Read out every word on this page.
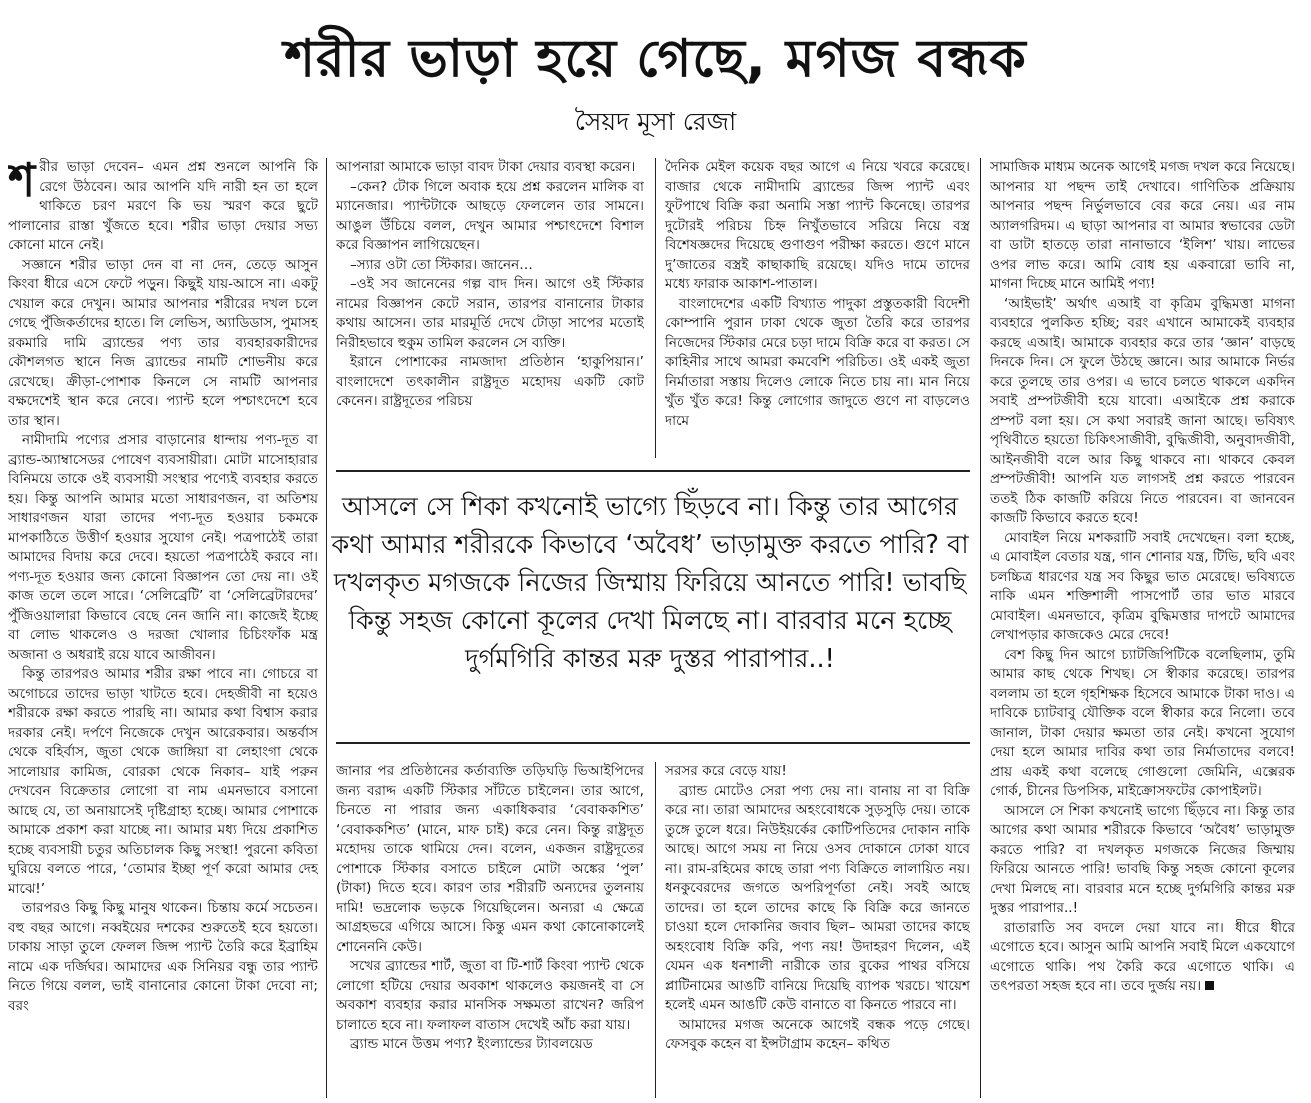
শরীর ভাড়া হয়ে গেছে, মগজ বন্ধক
সৈয়দ মূসা রেজা

শরীর ভাড়া দেবেন– এমন প্রশ্ন শুনলে আপনি কি রেগে উঠবেন। আর আপনি যদি নারী হন তা হলে থাকিতে চরণ মরণে কি ভয় স্মরণ করে ছুটে পালানোর রাস্তা খুঁজতে হবে। শরীর ভাড়া দেয়ার সভ্য কোনো মানে নেই।

সজ্ঞানে শরীর ভাড়া দেন বা না দেন, তেড়ে আসুন কিংবা ধীরে এসে ফেটে পড়ুন। কিছুই যায়-আসে না। একটু খেয়াল করে দেখুন। আমার আপনার শরীরের দখল চলে গেছে পুঁজিকর্তাদের হাতে। লি লেভিস, অ্যাডিডাস, পুমাসহ রকমারি দামি ব্র্যান্ডের পণ্য তার ব্যবহারকারীদের কৌশলগত স্থানে নিজ ব্র্যান্ডের নামটি শোভনীয় করে রেখেছে। ক্রীড়া-পোশাক কিনলে সে নামটি আপনার বক্ষদেশেই স্থান করে নেবে। প্যান্ট হলে পশ্চাৎদেশে হবে তার স্থান।

নামীদামি পণ্যের প্রসার বাড়ানোর ধান্দায় পণ্য-দূত বা ব্র্যান্ড-অ্যাম্বাসেডর পোষেণ ব্যবসায়ীরা। মোটা মাসোহারার বিনিময়ে তাকে ওই ব্যবসায়ী সংস্থার পণ্যেই ব্যবহার করতে হয়। কিন্তু আপনি আমার মতো সাধারণজন, বা অতিশয় সাধারণজন যারা তাদের পণ্য-দূত হওয়ার চকমকে মাপকাঠিতে উত্তীর্ণ হওয়ার সুযোগ নেই। পত্রপাঠেই তারা আমাদের বিদায় করে দেবে। হয়তো পত্রপাঠেই করবে না। পণ্য-দূত হওয়ার জন্য কোনো বিজ্ঞাপন তো দেয় না। ওই কাজ তলে তলে সারে। ‘সেলিব্রেটি’ বা ‘সেলিব্রেটারদের’ পুঁজিওয়ালারা কিভাবে বেছে নেন জানি না। কাজেই ইচ্ছে বা লোভ থাকলেও ও দরজা খোলার চিচিংফাঁক মন্ত্র অজানা ও অধরাই রয়ে যাবে আজীবন।

কিন্তু তারপরও আমার শরীর রক্ষা পাবে না। গোচরে বা অগোচরে তাদের ভাড়া খাটতে হবে। দেহজীবী না হয়েও শরীরকে রক্ষা করতে পারছি না। আমার কথা বিশ্বাস করার দরকার নেই। দর্পণে নিজেকে দেখুন আরেকবার। অন্তর্বাস থেকে বহির্বাস, জুতা থেকে জাঙ্গিয়া বা লেহাংগা থেকে সালোয়ার কামিজ, বোরকা থেকে নিকাব– যাই পরুন দেখবেন বিক্রেতার লোগো বা নাম এমনভাবে বসানো আছে যে, তা অনায়াসেই দৃষ্টিগ্রাহ্য হচ্ছে। আমার পোশাকে আমাকে প্রকাশ করা যাচ্ছে না। আমার মধ্য দিয়ে প্রকাশিত হচ্ছে ব্যবসায়ী চতুর অতিচালক কিছু সংস্থা! পুরনো কবিতা ঘুরিয়ে বলতে পারে, ‘তোমার ইচ্ছা পূর্ণ করো আমার দেহ মাঝে!’

তারপরও কিছু কিছু মানুষ থাকেন। চিন্তায় কর্মে সচেতন। বহু বছর আগে। নব্বইয়ের দশকের শুরুতেই হবে হয়তো। ঢাকায় সাড়া তুলে ফেলল জিন্স প্যান্ট তৈরি করে ইব্রাহিম নামে এক দর্জিঘর। আমাদের এক সিনিয়র বন্ধু তার প্যান্ট নিতে গিয়ে বলল, ভাই বানানোর কোনো টাকা দেবো না; বরং

আপনারা আমাকে ভাড়া বাবদ টাকা দেয়ার ব্যবস্থা করেন।

–কেন? টোক গিলে অবাক হয়ে প্রশ্ন করলেন মালিক বা ম্যানেজার। প্যান্টটাকে আছড়ে ফেললেন তার সামনে। আঙুল উঁচিয়ে বলল, দেখুন আমার পশ্চাৎদেশে বিশাল করে বিজ্ঞাপন লাগিয়েছেন।

–স্যার ওটা তো স্টিকার। জানেন…

–ওই সব জানেনের গল্প বাদ দিন। আগে ওই স্টিকার নামের বিজ্ঞাপন কেটে সরান, তারপর বানানোর টাকার কথায় আসেন। তার মারমূর্তি দেখে টোড়া সাপের মতোই নিরীহভাবে হুকুম তামিল করলেন সে ব্যক্তি।

ইরানে পোশাকের নামজাদা প্রতিষ্ঠান ‘হাকুপিয়ান।’ বাংলাদেশে তৎকালীন রাষ্ট্রদূত মহোদয় একটি কোট কেনেন। রাষ্ট্রদূতের পরিচয়

দৈনিক মেইল কয়েক বছর আগে এ নিয়ে খবরে করেছে। বাজার থেকে নামীদামি ব্র্যান্ডের জিন্স প্যান্ট এবং ফুটপাথে বিক্রি করা অনামি সস্তা প্যান্ট কিনেছে। তারপর দুটোরই পরিচয় চিহ্ন নিখুঁতভাবে সরিয়ে নিয়ে বস্ত্র বিশেষজ্ঞদের দিয়েছে গুণাগুণ পরীক্ষা করতে। গুণে মানে দু’জাতের বস্ত্রই কাছাকাছি রয়েছে। যদিও দামে তাদের মধ্যে ফারাক আকাশ-পাতাল।

বাংলাদেশের একটি বিখ্যাত পাদুকা প্রস্তুতকারী বিদেশী কোম্পানি পুরান ঢাকা থেকে জুতা তৈরি করে তারপর নিজেদের স্টিকার মেরে চড়া দামে বিক্রি করে বা করত। সে কাহিনীর সাথে আমরা কমবেশি পরিচিত। ওই একই জুতা নির্মাতারা সস্তায় দিলেও লোকে নিতে চায় না। মান নিয়ে খুঁত খুঁত করে! কিন্তু লোগোর জাদুতে গুণে না বাড়লেও দামে

আসলে সে শিকা কখনোই ভাগ্যে ছিঁড়বে না। কিন্তু তার আগের কথা আমার শরীরকে কিভাবে ‘অবৈধ’ ভাড়ামুক্ত করতে পারি? বা দখলকৃত মগজকে নিজের জিম্মায় ফিরিয়ে আনতে পারি! ভাবছি কিন্তু সহজ কোনো কূলের দেখা মিলছে না। বারবার মনে হচ্ছে দুর্গমগিরি কান্তর মরু দুস্তর পারাপার..!

জানার পর প্রতিষ্ঠানের কর্তাব্যক্তি তড়িঘড়ি ভিআইপিদের জন্য বরাদ্দ একটি স্টিকার সাঁটতে চাইলেন। তার আগে, চিনতে না পারার জন্য একাধিকবার ‘বেবাককশিত’ ‘বেবাককশিত’ (মানে, মাফ চাই) করে নেন। কিন্তু রাষ্ট্রদূত মহোদয় তাকে থামিয়ে দেন। বলেন, একজন রাষ্ট্রদূতের পোশাকে স্টিকার বসাতে চাইলে মোটা অঙ্কের ‘পুল’ (টাকা) দিতে হবে। কারণ তার শরীরটি অন্যদের তুলনায় দামি! ভদ্রলোক ভড়কে গিয়েছিলেন। অন্যরা এ ক্ষেত্রে আগ্রহভরে এগিয়ে আসে। কিন্তু এমন কথা কোনোকালেই শোনেননি কেউ।

সখের ব্র্যান্ডের শার্ট, জুতা বা টি-শার্ট কিংবা প্যান্ট থেকে লোগো হটিয়ে দেয়ার অবকাশ থাকলেও কয়জনই বা সে অবকাশ ব্যবহার করার মানসিক সক্ষমতা রাখেন? জরিপ চালাতে হবে না। ফলাফল বাতাস দেখেই আঁচ করা যায়।

ব্র্যান্ড মানে উত্তম পণ্য? ইংল্যান্ডের ট্যাবলয়েড

সরসর করে বেড়ে যায়!

ব্র্যান্ড মোটেও সেরা পণ্য দেয় না। বানায় না বা বিক্রি করে না। তারা আমাদের অহংবোধকে সুড়সুড়ি দেয়। তাকে তুঙ্গে তুলে ধরে। নিউইয়র্কের কোটিপতিদের দোকান নাকি আছে। আগে সময় না নিয়ে ওসব দোকানে ঢোকা যাবে না। রাম-রহিমের কাছে তারা পণ্য বিক্রিতে লালায়িত নয়। ধনকুবেরদের জগতে অপরিপূর্ণতা নেই। সবই আছে তাদের। তা হলে তাদের কাছে কি বিক্রি করে জানতে চাওয়া হলে দোকানির জবাব ছিল– আমরা তাদের কাছে অহংবোধ বিক্রি করি, পণ্য নয়! উদাহরণ দিলেন, এই যেমন এক ধনশালী নারীকে তার বুকের পাথর বসিয়ে প্লাটিনামের আঙটি বানিয়ে দিয়েছি ব্যাপক খরচে। খায়েশ হলেই এমন আঙটি কেউ বানাতে বা কিনতে পারবে না।

আমাদের মগজ অনেকে আগেই বন্ধক পড়ে গেছে। ফেসবুক কহেন বা ইন্সটাগ্রাম কহেন– কথিত

সামাজিক মাধ্যম অনেক আগেই মগজ দখল করে নিয়েছে। আপনার যা পছন্দ তাই দেখাবে। গাণিতিক প্রক্রিয়ায় আপনার পছন্দ নির্ভুলভাবে বের করে নেয়। এর নাম অ্যালগরিদম। এ ছাড়া আপনার বা আমার স্বভাবের ডেটা বা ডাটা হাতড়ে তারা নানাভাবে ‘ইলিশ’ খায়। লাভের ওপর লাভ করে। আমি বোধ হয় একবারো ভাবি না, মাগনা দিচ্ছে মানে আমিই পণ্য!

‘আইভাই’ অর্থাৎ এআই বা কৃত্রিম বুদ্ধিমত্তা মাগনা ব্যবহারে পুলকিত হচ্ছি; বরং এখানে আমাকেই ব্যবহার করছে এআই। আমাকে ব্যবহার করে তার ‘জ্ঞান’ বাড়ছে দিনকে দিন। সে ফুলে উঠছে জ্ঞানে। আর আমাকে নির্ভর করে তুলছে তার ওপর। এ ভাবে চলতে থাকলে একদিন সবাই প্রম্পটজীবী হয়ে যাবো। এআইকে প্রশ্ন করাকে প্রম্পট বলা হয়। সে কথা সবারই জানা আছে। ভবিষ্যৎ পৃথিবীতে হয়তো চিকিৎসাজীবী, বুদ্ধিজীবী, অনুবাদজীবী, আইনজীবী বলে আর কিছু থাকবে না। থাকবে কেবল প্রম্পটজীবী! আপনি যত লাগসই প্রশ্ন করতে পারবেন ততই ঠিক কাজটি করিয়ে নিতে পারবেন। বা জানবেন কাজটি কিভাবে করতে হবে!

মোবাইল নিয়ে মশকরাটি সবাই দেখেছেন। বলা হচ্ছে, এ মোবাইল বেতার যন্ত্র, গান শোনার যন্ত্র, টিভি, ছবি এবং চলচ্চিত্র ধারণের যন্ত্র সব কিছুর ভাত মেরেছে। ভবিষ্যতে নাকি এমন শক্তিশালী পাসপোর্ট তার ভাত মারবে মোবাইল। এমনভাবে, কৃত্রিম বুদ্ধিমত্তার দাপটে আমাদের লেখাপড়ার কাজকেও মেরে দেবে!

বেশ কিছু দিন আগে চ্যাটজিপিটিকে বলেছিলাম, তুমি আমার কাছ থেকে শিখছ। সে স্বীকার করেছে। তারপর বললাম তা হলে গৃহশিক্ষক হিসেবে আমাকে টাকা দাও। এ দাবিকে চ্যাটবাবু যৌক্তিক বলে স্বীকার করে নিলো। তবে জানাল, টাকা দেয়ার ক্ষমতা তার নেই। কখনো সুযোগ দেয়া হলে আমার দাবির কথা তার নির্মাতাদের বলবে! প্রায় একই কথা বলেছে গোগুলো জেমিনি, এক্সেরক গোর্ক, চীনের ডিপসিক, মাইক্রোসফটের কোপাইলট।

আসলে সে শিকা কখনোই ভাগ্যে ছিঁড়বে না। কিন্তু তার আগের কথা আমার শরীরকে কিভাবে ‘অবৈধ’ ভাড়ামুক্ত করতে পারি? বা দখলকৃত মগজকে নিজের জিম্মায় ফিরিয়ে আনতে পারি! ভাবছি কিন্তু সহজ কোনো কূলের দেখা মিলছে না। বারবার মনে হচ্ছে দুর্গমগিরি কান্তর মরু দুস্তর পারাপার..!

রাতারাতি সব বদলে দেয়া যাবে না। ধীরে ধীরে এগোতে হবে। আসুন আমি আপনি সবাই মিলে একযোগে এগোতে থাকি। পথ কৈরি করে এগোতে থাকি। এ তৎপরতা সহজ হবে না। তবে দুর্জয় নয়।
